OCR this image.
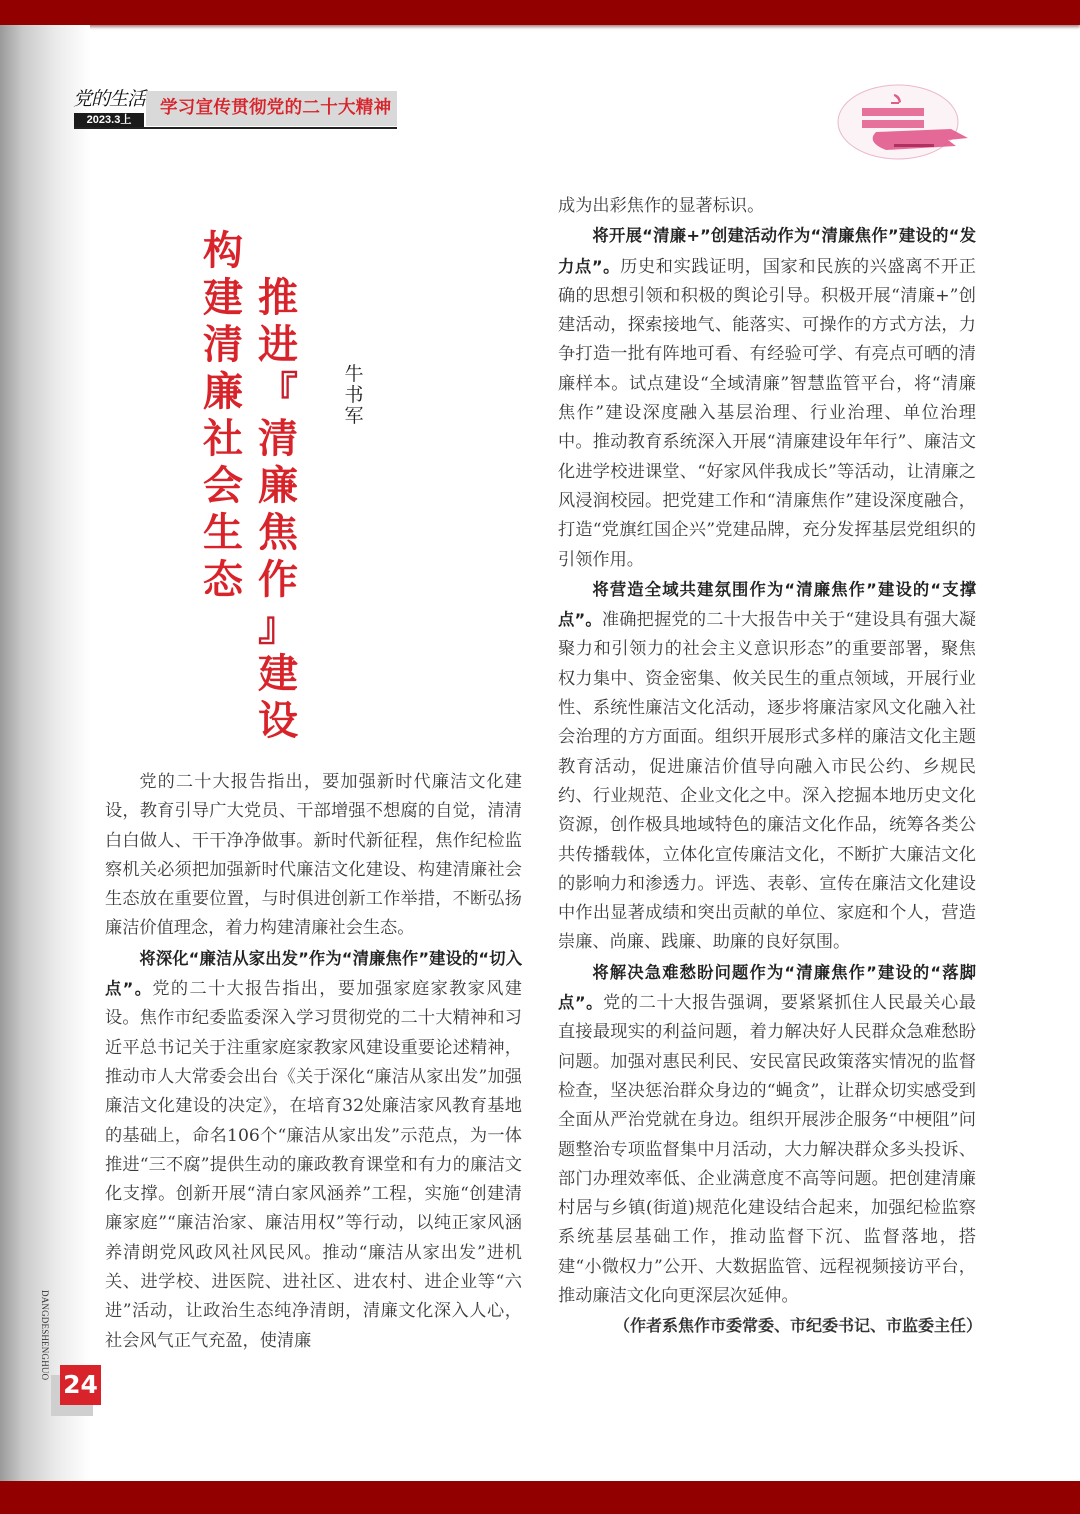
党的生活
2023.3上
学习宣传贯彻党的二十大精神
构
建
清
廉
社
会
生
态
推
进
『
清
廉
焦
作
』
建
设
牛
书
军

党的二十大报告指出，要加强新时代廉洁文化建设，教育引导广大党员、干部增强不想腐的自觉，清清白白做人、干干净净做事。新时代新征程，焦作纪检监察机关必须把加强新时代廉洁文化建设、构建清廉社会生态放在重要位置，与时俱进创新工作举措，不断弘扬廉洁价值理念，着力构建清廉社会生态。

将深化“廉洁从家出发”作为“清廉焦作”建设的“切入点”。党的二十大报告指出，要加强家庭家教家风建设。焦作市纪委监委深入学习贯彻党的二十大精神和习近平总书记关于注重家庭家教家风建设重要论述精神，推动市人大常委会出台《关于深化“廉洁从家出发”加强廉洁文化建设的决定》，在培育32处廉洁家风教育基地的基础上，命名106个“廉洁从家出发”示范点，为一体推进“三不腐”提供生动的廉政教育课堂和有力的廉洁文化支撑。创新开展“清白家风涵养”工程，实施“创建清廉家庭”“廉洁治家、廉洁用权”等行动，以纯正家风涵养清朗党风政风社风民风。推动“廉洁从家出发”进机关、进学校、进医院、进社区、进农村、进企业等“六进”活动，让政治生态纯净清朗，清廉文化深入人心，社会风气正气充盈，使清廉

成为出彩焦作的显著标识。

将开展“清廉+”创建活动作为“清廉焦作”建设的“发力点”。历史和实践证明，国家和民族的兴盛离不开正确的思想引领和积极的舆论引导。积极开展“清廉+”创建活动，探索接地气、能落实、可操作的方式方法，力争打造一批有阵地可看、有经验可学、有亮点可晒的清廉样本。试点建设“全域清廉”智慧监管平台，将“清廉焦作”建设深度融入基层治理、行业治理、单位治理中。推动教育系统深入开展“清廉建设年年行”、廉洁文化进学校进课堂、“好家风伴我成长”等活动，让清廉之风浸润校园。把党建工作和“清廉焦作”建设深度融合，打造“党旗红国企兴”党建品牌，充分发挥基层党组织的引领作用。

将营造全域共建氛围作为“清廉焦作”建设的“支撑点”。准确把握党的二十大报告中关于“建设具有强大凝聚力和引领力的社会主义意识形态”的重要部署，聚焦权力集中、资金密集、攸关民生的重点领域，开展行业性、系统性廉洁文化活动，逐步将廉洁家风文化融入社会治理的方方面面。组织开展形式多样的廉洁文化主题教育活动，促进廉洁价值导向融入市民公约、乡规民约、行业规范、企业文化之中。深入挖掘本地历史文化资源，创作极具地域特色的廉洁文化作品，统筹各类公共传播载体，立体化宣传廉洁文化，不断扩大廉洁文化的影响力和渗透力。评选、表彰、宣传在廉洁文化建设中作出显著成绩和突出贡献的单位、家庭和个人，营造崇廉、尚廉、践廉、助廉的良好氛围。

将解决急难愁盼问题作为“清廉焦作”建设的“落脚点”。党的二十大报告强调，要紧紧抓住人民最关心最直接最现实的利益问题，着力解决好人民群众急难愁盼问题。加强对惠民利民、安民富民政策落实情况的监督检查，坚决惩治群众身边的“蝇贪”，让群众切实感受到全面从严治党就在身边。组织开展涉企服务“中梗阻”问题整治专项监督集中月活动，大力解决群众多头投诉、部门办理效率低、企业满意度不高等问题。把创建清廉村居与乡镇(街道)规范化建设结合起来，加强纪检监察系统基层基础工作，推动监督下沉、监督落地，搭建“小微权力”公开、大数据监管、远程视频接访平台，推动廉洁文化向更深层次延伸。

（作者系焦作市委常委、市纪委书记、市监委主任）

DANGDESHENGHUO
24
